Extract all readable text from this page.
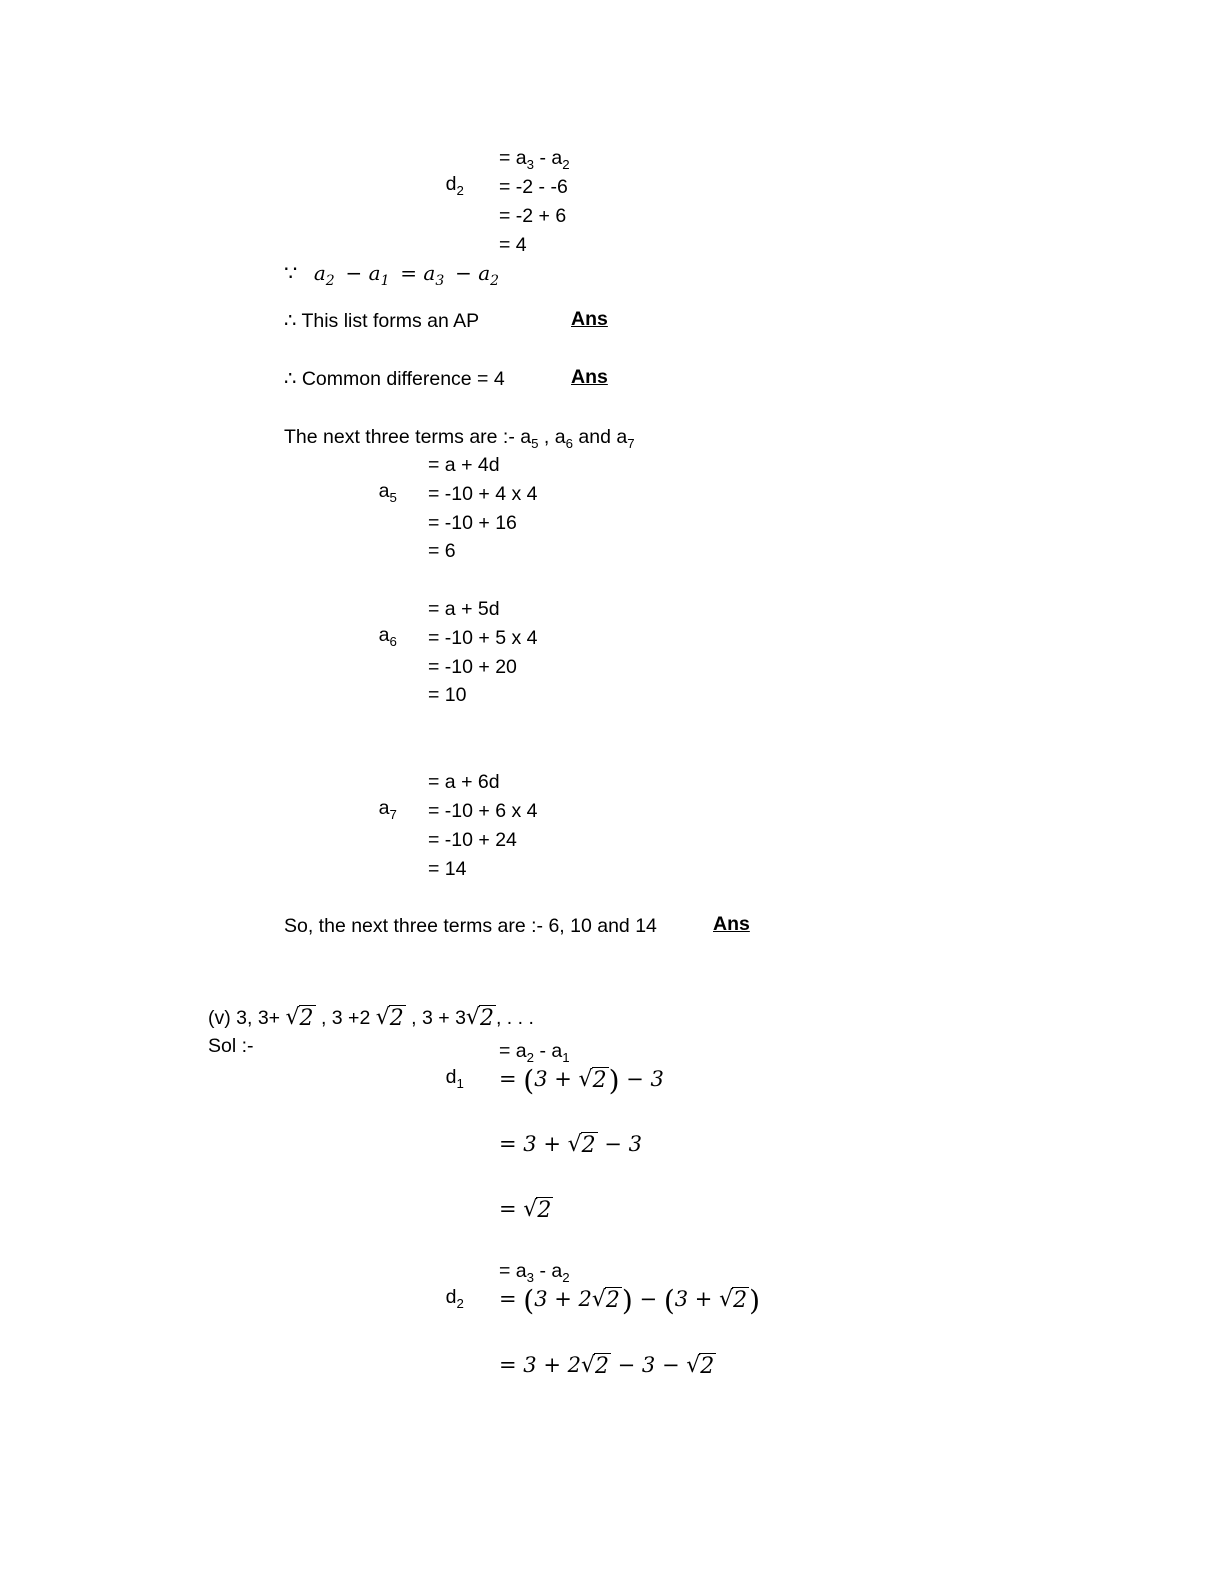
$d_2$

= $a_3 - a_2$
= -2 - -6
= -2 + 6
= 4
∵ a2  − a1  = a3  − a2
∴ This list forms an AP	Ans
∴ Common difference = 4	Ans
The next three terms are :- $a_5$ , $a_6$ and $a_7$

$a_5$

= a + 4d
= -10 + 4 x 4
= -10 + 16
= 6

$a_6$

= a + 5d
= -10 + 5 x 4
= -10 + 20
= 10

$a_7$

= a + 6d
= -10 + 6 x 4
= -10 + 24
= 14
So, the next three terms are :- 6, 10 and 14	Ans
(v) 3, 3+ √2 , 3 +2 √2 , 3 + 3√2 , . . .
Sol :-

$d_1$

= $a_2 - a_1$
= (3 + √2) − 3
= 3 + √2 − 3
= √2

$d_2$

= $a_3 - a_2$
= (3 + 2√2) − (3 + √2)
= 3 + 2√2 − 3 − √2
